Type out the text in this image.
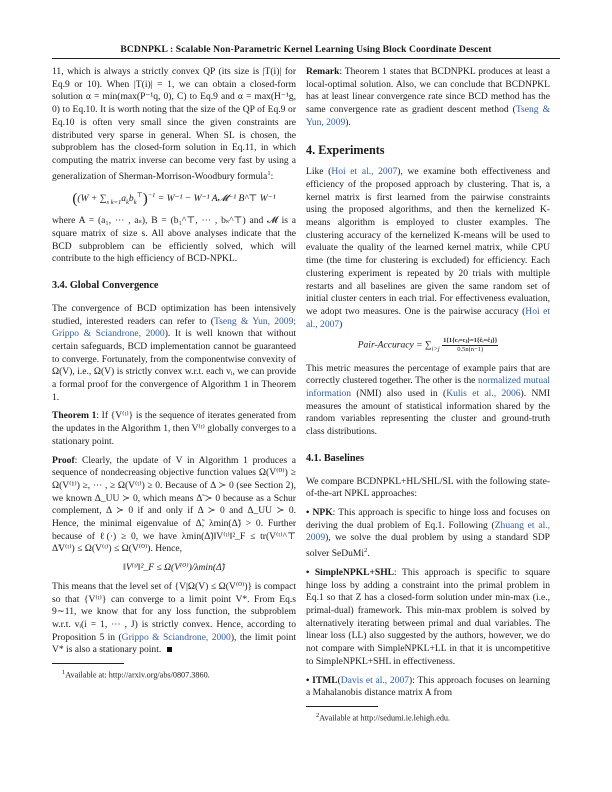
BCDNPKL : Scalable Non-Parametric Kernel Learning Using Block Coordinate Descent

11, which is always a strictly convex QP (its size is |T(i)| for Eq.9 or 10). When |T(i)| = 1, we can obtain a closed-form solution α = min(max(P⁻¹q, 0), C) to Eq.9 and α = max(H⁻¹g, 0) to Eq.10. It is worth noting that the size of the QP of Eq.9 or Eq.10 is often very small since the given constraints are distributed very sparse in general. When SL is chosen, the subproblem has the closed-form solution in Eq.11, in which computing the matrix inverse can become very fast by using a generalization of Sherman-Morrison-Woodbury formula$^1$:

($(W + \sum_{s k=1}a_kb_k^⊤)^{-1} = W^{-1} - W^{-1}$ A𝓜⁻¹ B^⊤ W⁻¹

where A = (a₁, ⋯ , aₛ), B = (b₁^⊤, ⋯ , bₛ^⊤) and 𝓜 is a square matrix of size s. All above analyses indicate that the BCD subproblem can be efficiently solved, which will contribute to the high efficiency of BCD-NPKL.

3.4. Global Convergence

The convergence of BCD optimization has been intensively studied, interested readers can refer to (Tseng & Yun, 2009; Grippo & Sciandrone, 2000). It is well known that without certain safeguards, BCD implementation cannot be guaranteed to converge. Fortunately, from the componentwise convexity of Ω(V), i.e., Ω(V) is strictly convex w.r.t. each vᵢ, we can provide a formal proof for the convergence of Algorithm 1 in Theorem 1.

Theorem 1: If {V⁽ᵗ⁾} is the sequence of iterates generated from the updates in the Algorithm 1, then V⁽ᵗ⁾ globally converges to a stationary point.

Proof: Clearly, the update of V in Algorithm 1 produces a sequence of nondecreasing objective function values Ω(V⁽⁰⁾) ≥ Ω(V⁽¹⁾) ≥, ⋯ , ≥ Ω(V⁽ᵗ⁾) ≥ 0. Because of Δ ≻ 0 (see Section 2), we known Δ_UU ≻ 0, which means Δ̃ ≻ 0 because as a Schur complement, Δ ≻ 0 if and only if Δ ≻ 0 and Δ_UU ≻ 0. Hence, the minimal eigenvalue of Δ̃, λmin(Δ̃) > 0. Further because of ℓ(·) ≥ 0, we have λmin(Δ̃)‖V⁽ᵗ⁾‖²_F ≤ tr(V⁽ᵗ⁾^⊤ Δ̃V⁽ᵗ⁾) ≤ Ω(V⁽ᵗ⁾) ≤ Ω(V⁽⁰⁾). Hence,

‖V⁽ᵗ⁾‖²_F ≤ Ω(V⁽⁰⁾)/λmin(Δ̃)

This means that the level set of {V|Ω(V) ≤ Ω(V⁽⁰⁾)} is compact so that {V⁽ᵗ⁾} can converge to a limit point V*. From Eq.s 9∼11, we know that for any loss function, the subproblem w.r.t. vᵢ(i = 1, ⋯ , J) is strictly convex. Hence, according to Proposition 5 in (Grippo & Sciandrone, 2000), the limit point V* is also a stationary point.

$^1$Available at: http://arxiv.org/abs/0807.3860.

Remark: Theorem 1 states that BCDNPKL produces at least a local-optimal solution. Also, we can conclude that BCDNPKL has at least linear convergence rate since BCD method has the same convergence rate as gradient descent method (Tseng & Yun, 2009).

4. Experiments

Like (Hoi et al., 2007), we examine both effectiveness and efficiency of the proposed approach by clustering. That is, a kernel matrix is first learned from the pairwise constraints using the proposed algorithms, and then the kernelized K-means algorithm is employed to cluster examples. The clustering accuracy of the kernelized K-means will be used to evaluate the quality of the learned kernel matrix, while CPU time (the time for clustering is excluded) for efficiency. Each clustering experiment is repeated by 20 trials with multiple restarts and all baselines are given the same random set of initial cluster centers in each trial. For effectiveness evaluation, we adopt two measures. One is the pairwise accuracy (Hoi et al., 2007)

Pair-Accuracy = $\sum_{i>j} \frac{\text{1\{1\{cᵢ=cⱼ\}=1\{ĉᵢ=ĉⱼ\}\}}}{0.5n(n-1)}$

This metric measures the percentage of example pairs that are correctly clustered together. The other is the normalized mutual information (NMI) also used in (Kulis et al., 2006). NMI measures the amount of statistical information shared by the random variables representing the cluster and ground-truth class distributions.

4.1. Baselines

We compare BCDNPKL+HL/SHL/SL with the following state-of-the-art NPKL approaches:

• NPK: This approach is specific to hinge loss and focuses on deriving the dual problem of Eq.1. Following (Zhuang et al., 2009), we solve the dual problem by using a standard SDP solver SeDuMi$^2$.

• SimpleNPKL+SHL: This approach is specific to square hinge loss by adding a constraint into the primal problem in Eq.1 so that Z has a closed-form solution under min-max (i.e., primal-dual) framework. This min-max problem is solved by alternatively iterating between primal and dual variables. The linear loss (LL) also suggested by the authors, however, we do not compare with SimpleNPKL+LL in that it is uncompetitive to SimpleNPKL+SHL in effectiveness.

• ITML(Davis et al., 2007): This approach focuses on learning a Mahalanobis distance matrix A from

$^2$Available at http://sedumi.ie.lehigh.edu.
